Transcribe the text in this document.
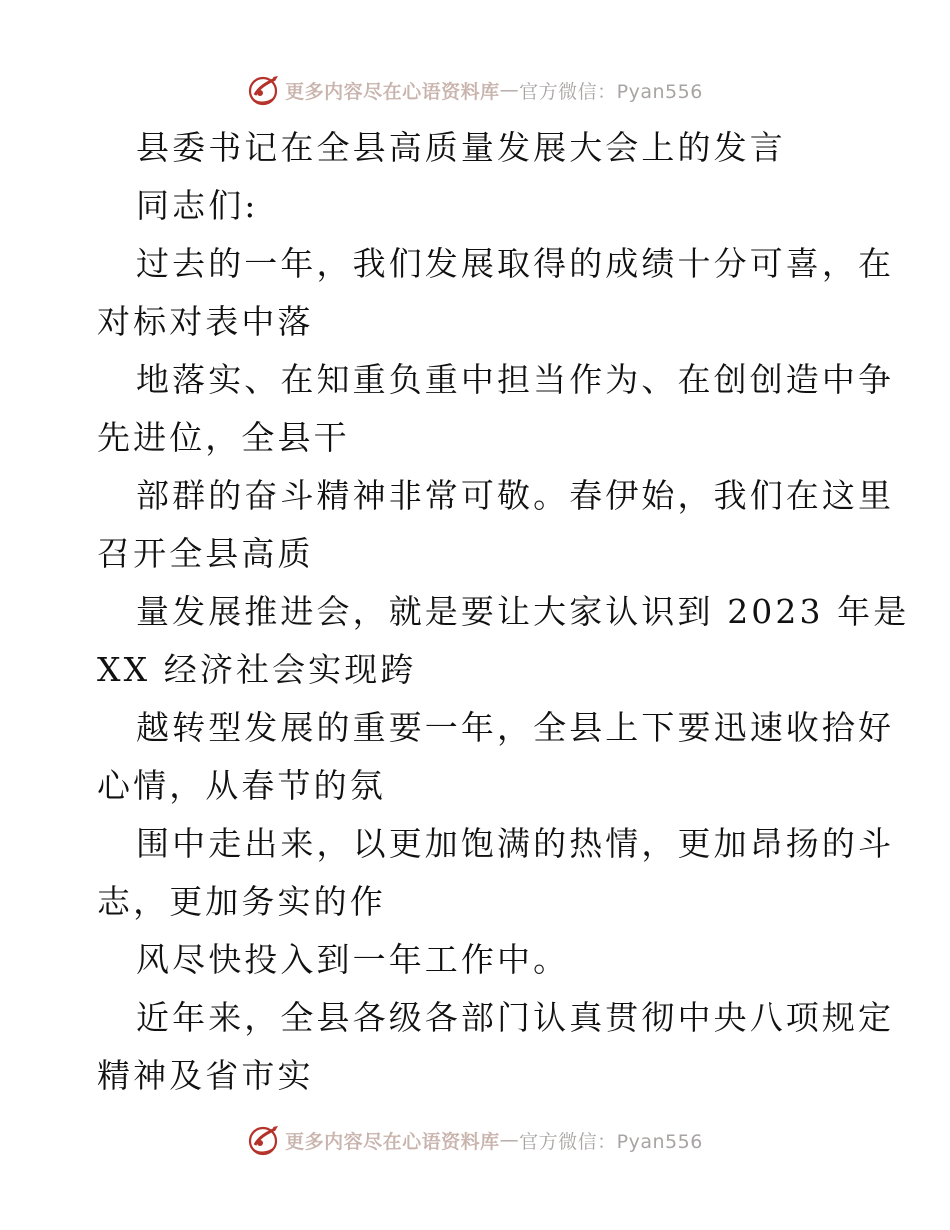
更多内容尽在心语资料库 — 官方微信：Pyan556
县委书记在全县高质量发展大会上的发言
同志们:
过去的一年，我们发展取得的成绩十分可喜，在
对标对表中落
地落实、在知重负重中担当作为、在创创造中争
先进位，全县干
部群的奋斗精神非常可敬。春伊始，我们在这里
召开全县高质
量发展推进会，就是要让大家认识到 2023 年是
XX 经济社会实现跨
越转型发展的重要一年，全县上下要迅速收拾好
心情，从春节的氛
围中走出来，以更加饱满的热情，更加昂扬的斗
志，更加务实的作
风尽快投入到一年工作中。
近年来，全县各级各部门认真贯彻中央八项规定
精神及省市实
更多内容尽在心语资料库 — 官方微信：Pyan556
